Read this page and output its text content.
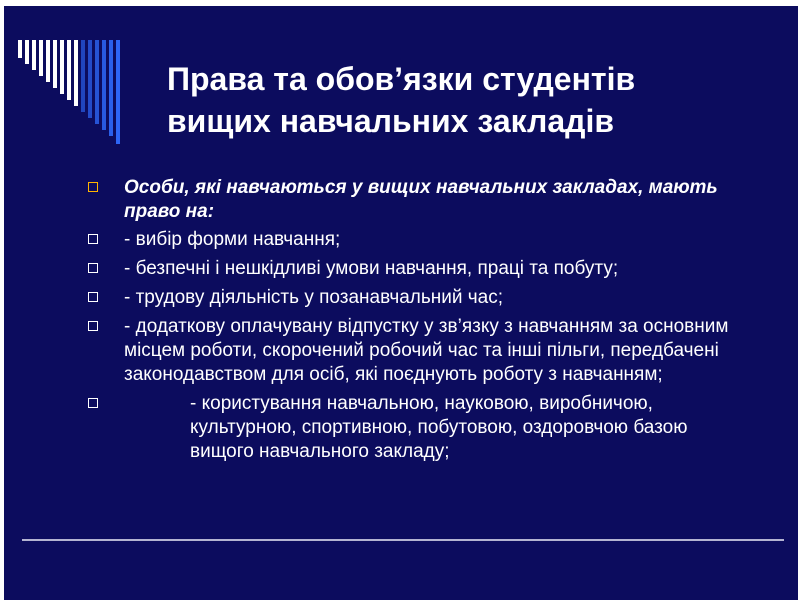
Права та обов’язки студентів
вищих навчальних закладів
Особи, які навчаються у вищих навчальних закладах, мають право на:
- вибір форми навчання;
- безпечні і нешкідливі умови навчання, праці та побуту;
- трудову діяльність у позанавчальний час;
- додаткову оплачувану відпустку у зв’язку з навчанням за основним місцем роботи, скорочений робочий час та інші пільги, передбачені законодавством для осіб, які поєднують роботу з навчанням;
- користування навчальною, науковою, виробничою, культурною, спортивною, побутовою, оздоровчою базою вищого навчального закладу;
